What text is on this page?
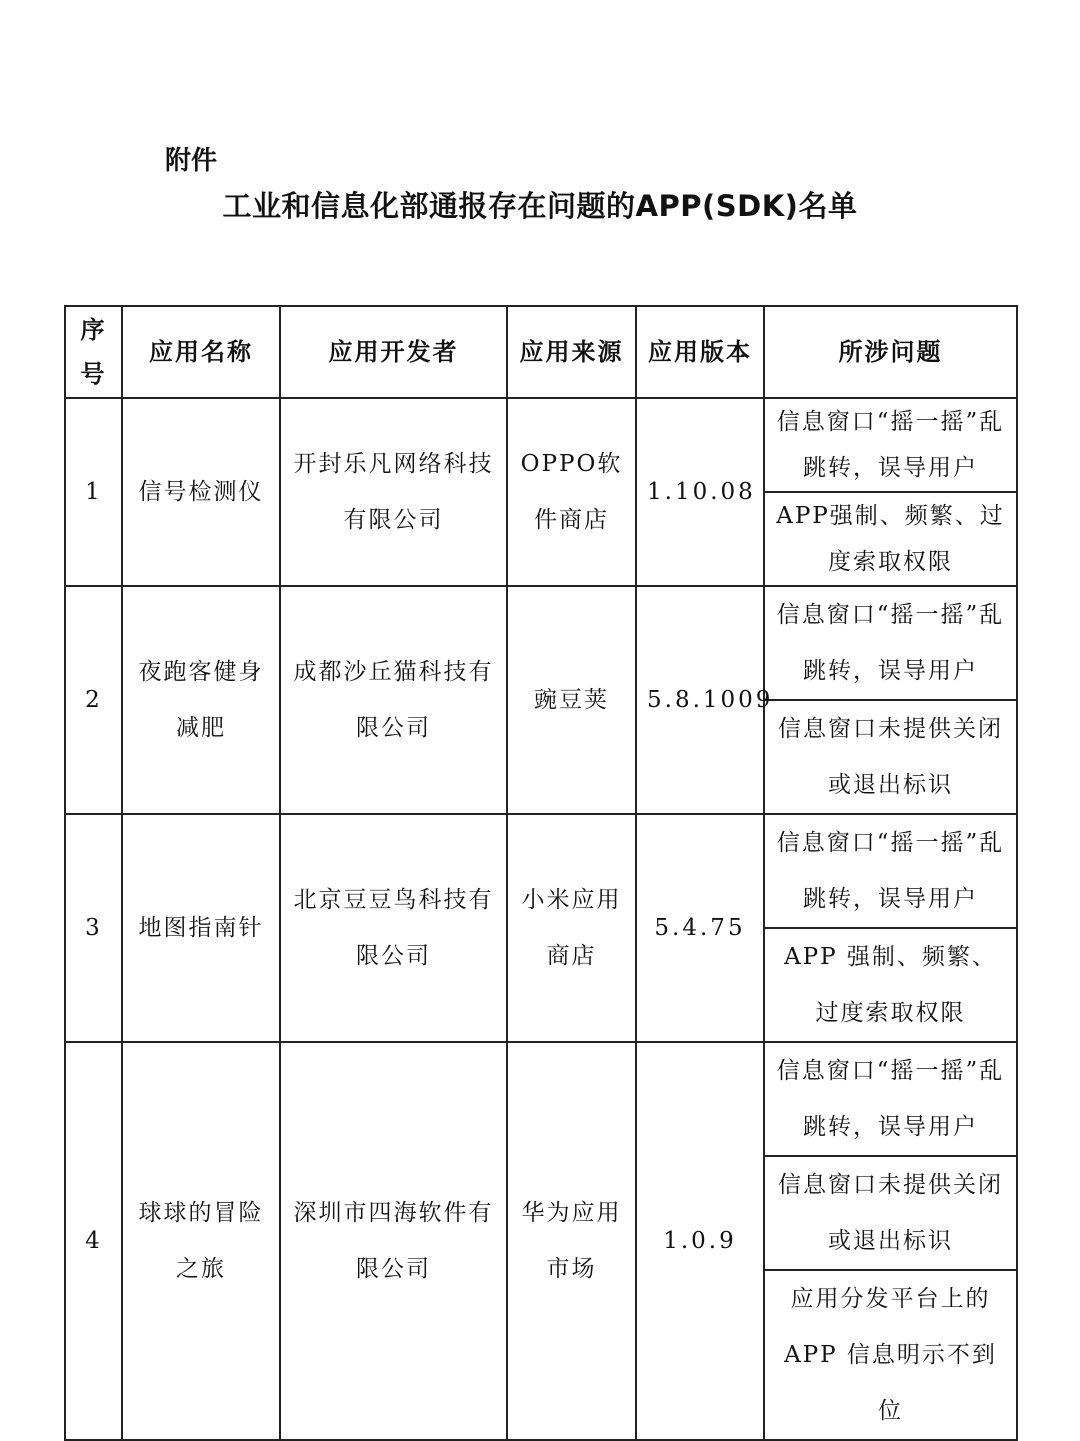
附件
工业和信息化部通报存在问题的APP(SDK)名单
序
号	应用名称	应用开发者	应用来源	应用版本	所涉问题
1	信号检测仪	开封乐凡网络科技有限公司	OPPO软件商店	1.10.08	信息窗口“摇一摇”乱跳转，误导用户
					APP强制、频繁、过度索取权限
2	夜跑客健身减肥	成都沙丘猫科技有限公司	豌豆荚	5.8.1009	信息窗口“摇一摇”乱跳转，误导用户
					信息窗口未提供关闭或退出标识
3	地图指南针	北京豆豆鸟科技有限公司	小米应用商店	5.4.75	信息窗口“摇一摇”乱跳转，误导用户
					APP 强制、频繁、过度索取权限
4	球球的冒险之旅	深圳市四海软件有限公司	华为应用市场	1.0.9	信息窗口“摇一摇”乱跳转，误导用户
					信息窗口未提供关闭或退出标识
					应用分发平台上的APP 信息明示不到位
